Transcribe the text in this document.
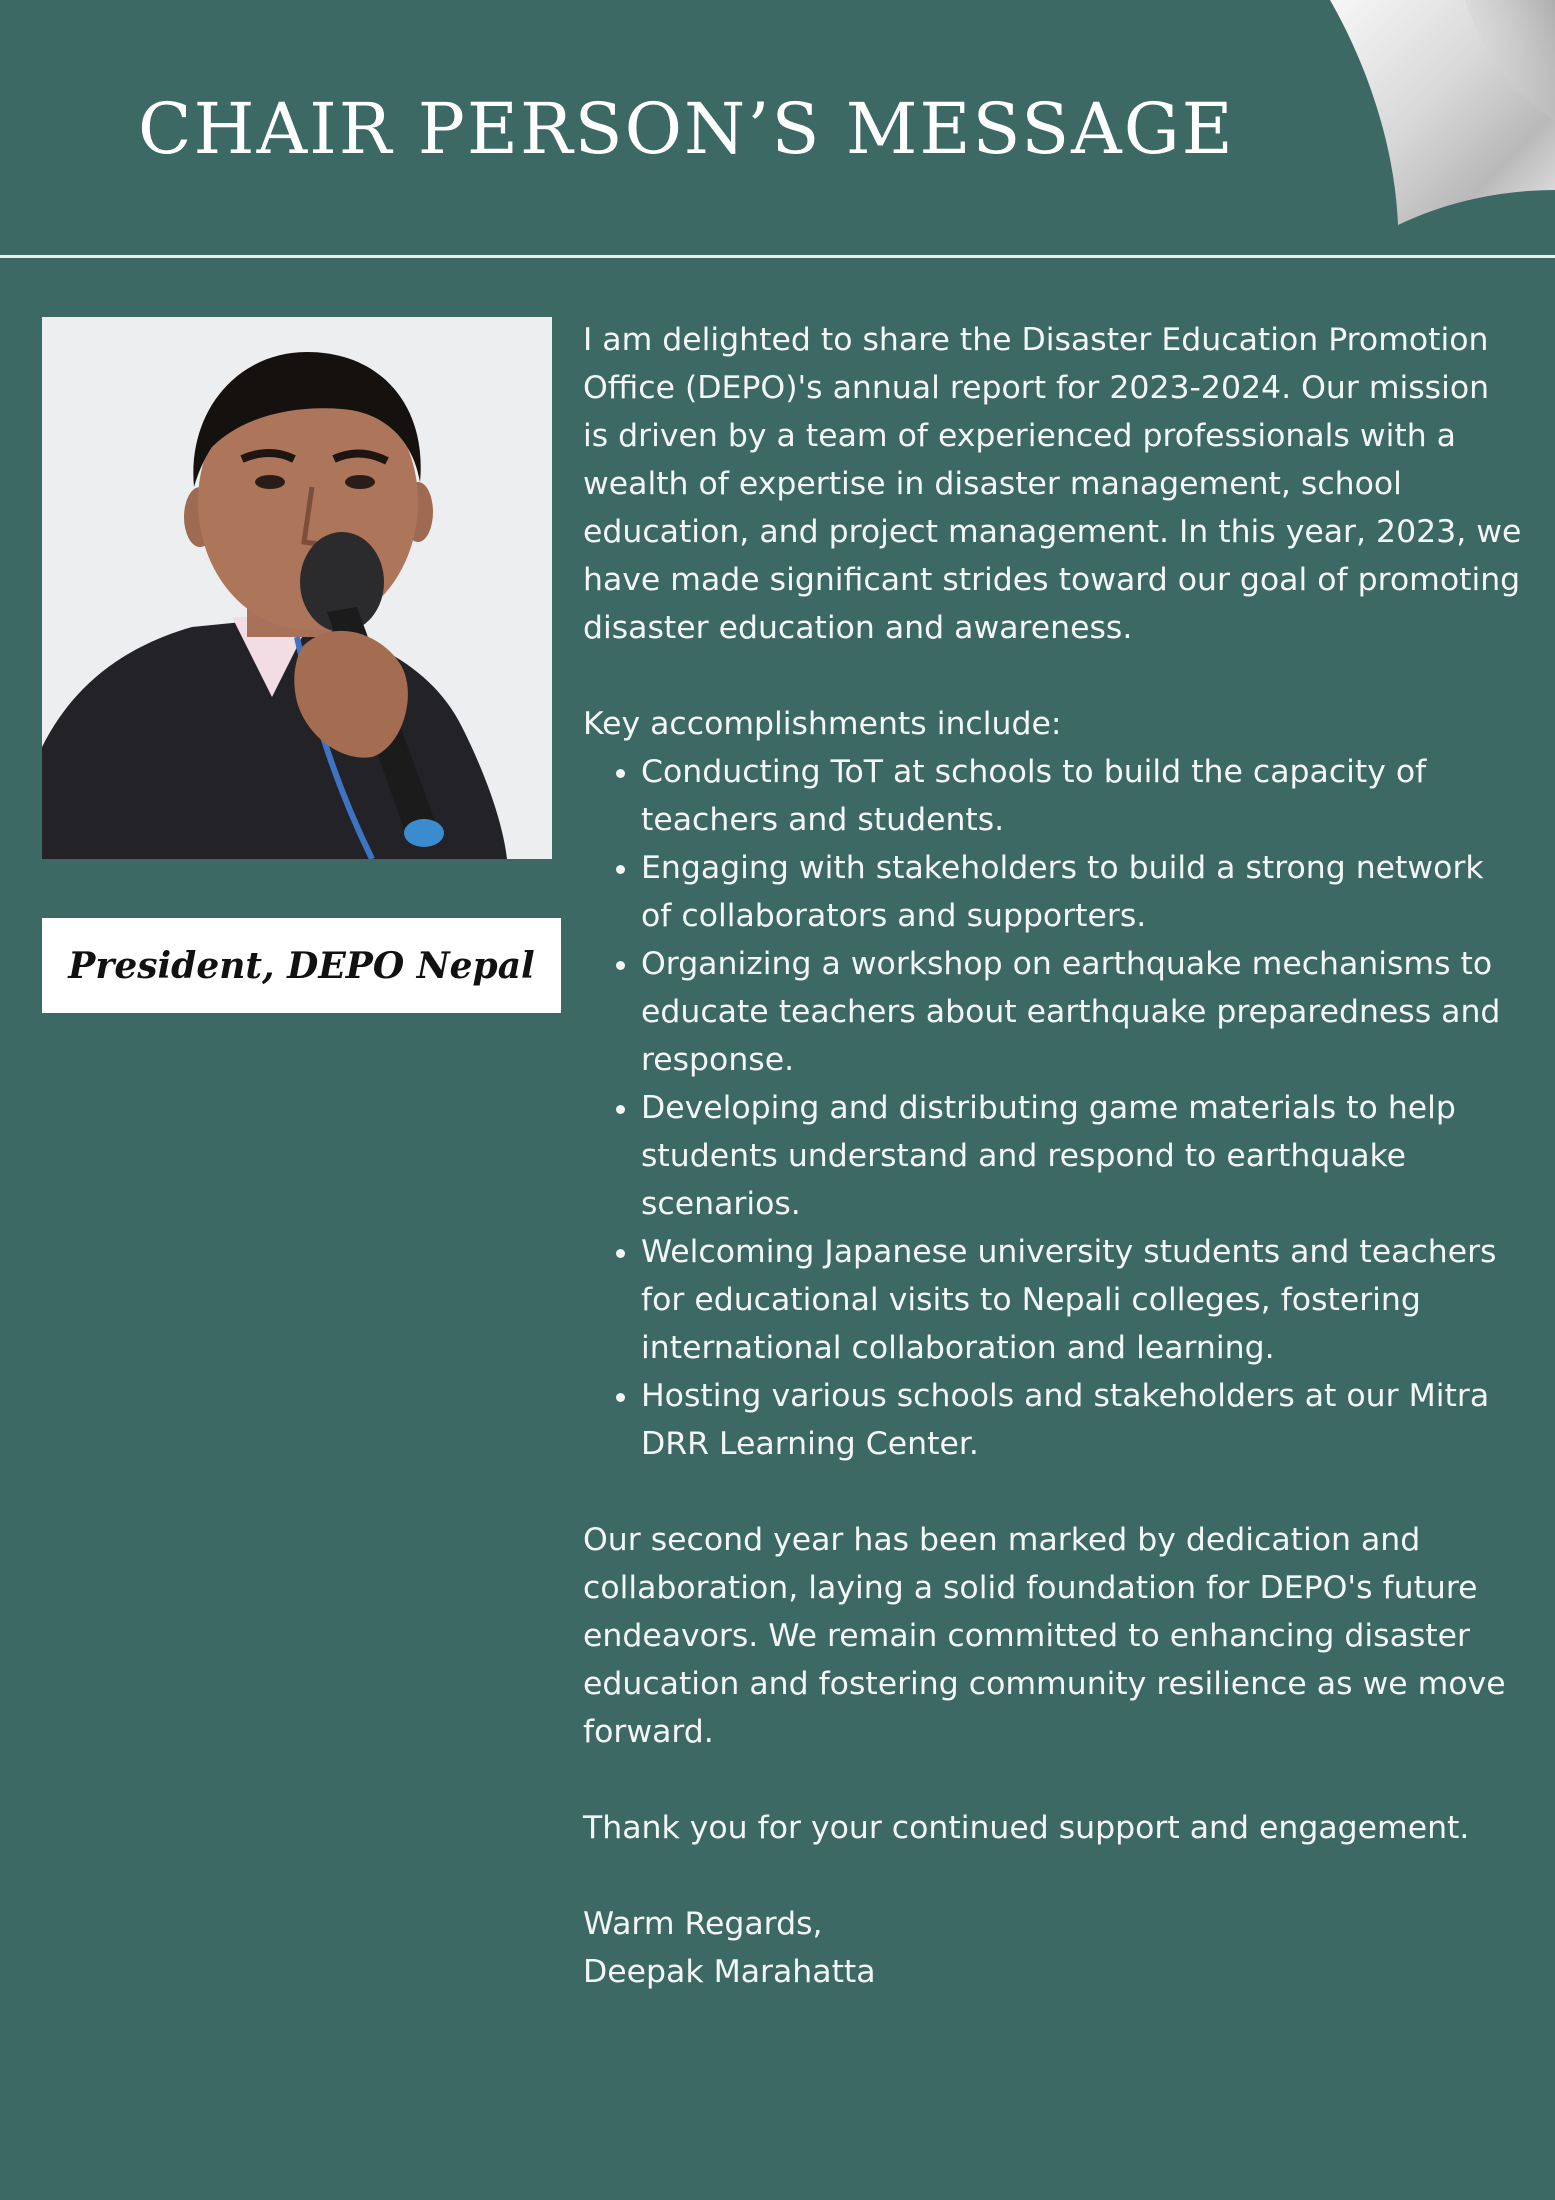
CHAIR PERSON’S MESSAGE
President, DEPO Nepal

I am delighted to share the Disaster Education Promotion Office (DEPO)'s annual report for 2023-2024. Our mission is driven by a team of experienced professionals with a wealth of expertise in disaster management, school education, and project management. In this year, 2023, we have made significant strides toward our goal of promoting disaster education and awareness.

Key accomplishments include:

• Conducting ToT at schools to build the capacity of teachers and students.
• Engaging with stakeholders to build a strong network of collaborators and supporters.
• Organizing a workshop on earthquake mechanisms to educate teachers about earthquake preparedness and response.
• Developing and distributing game materials to help students understand and respond to earthquake scenarios.
• Welcoming Japanese university students and teachers for educational visits to Nepali colleges, fostering international collaboration and learning.
• Hosting various schools and stakeholders at our Mitra DRR Learning Center.

Our second year has been marked by dedication and collaboration, laying a solid foundation for DEPO's future endeavors. We remain committed to enhancing disaster education and fostering community resilience as we move forward.

Thank you for your continued support and engagement.

Warm Regards,

Deepak Marahatta
